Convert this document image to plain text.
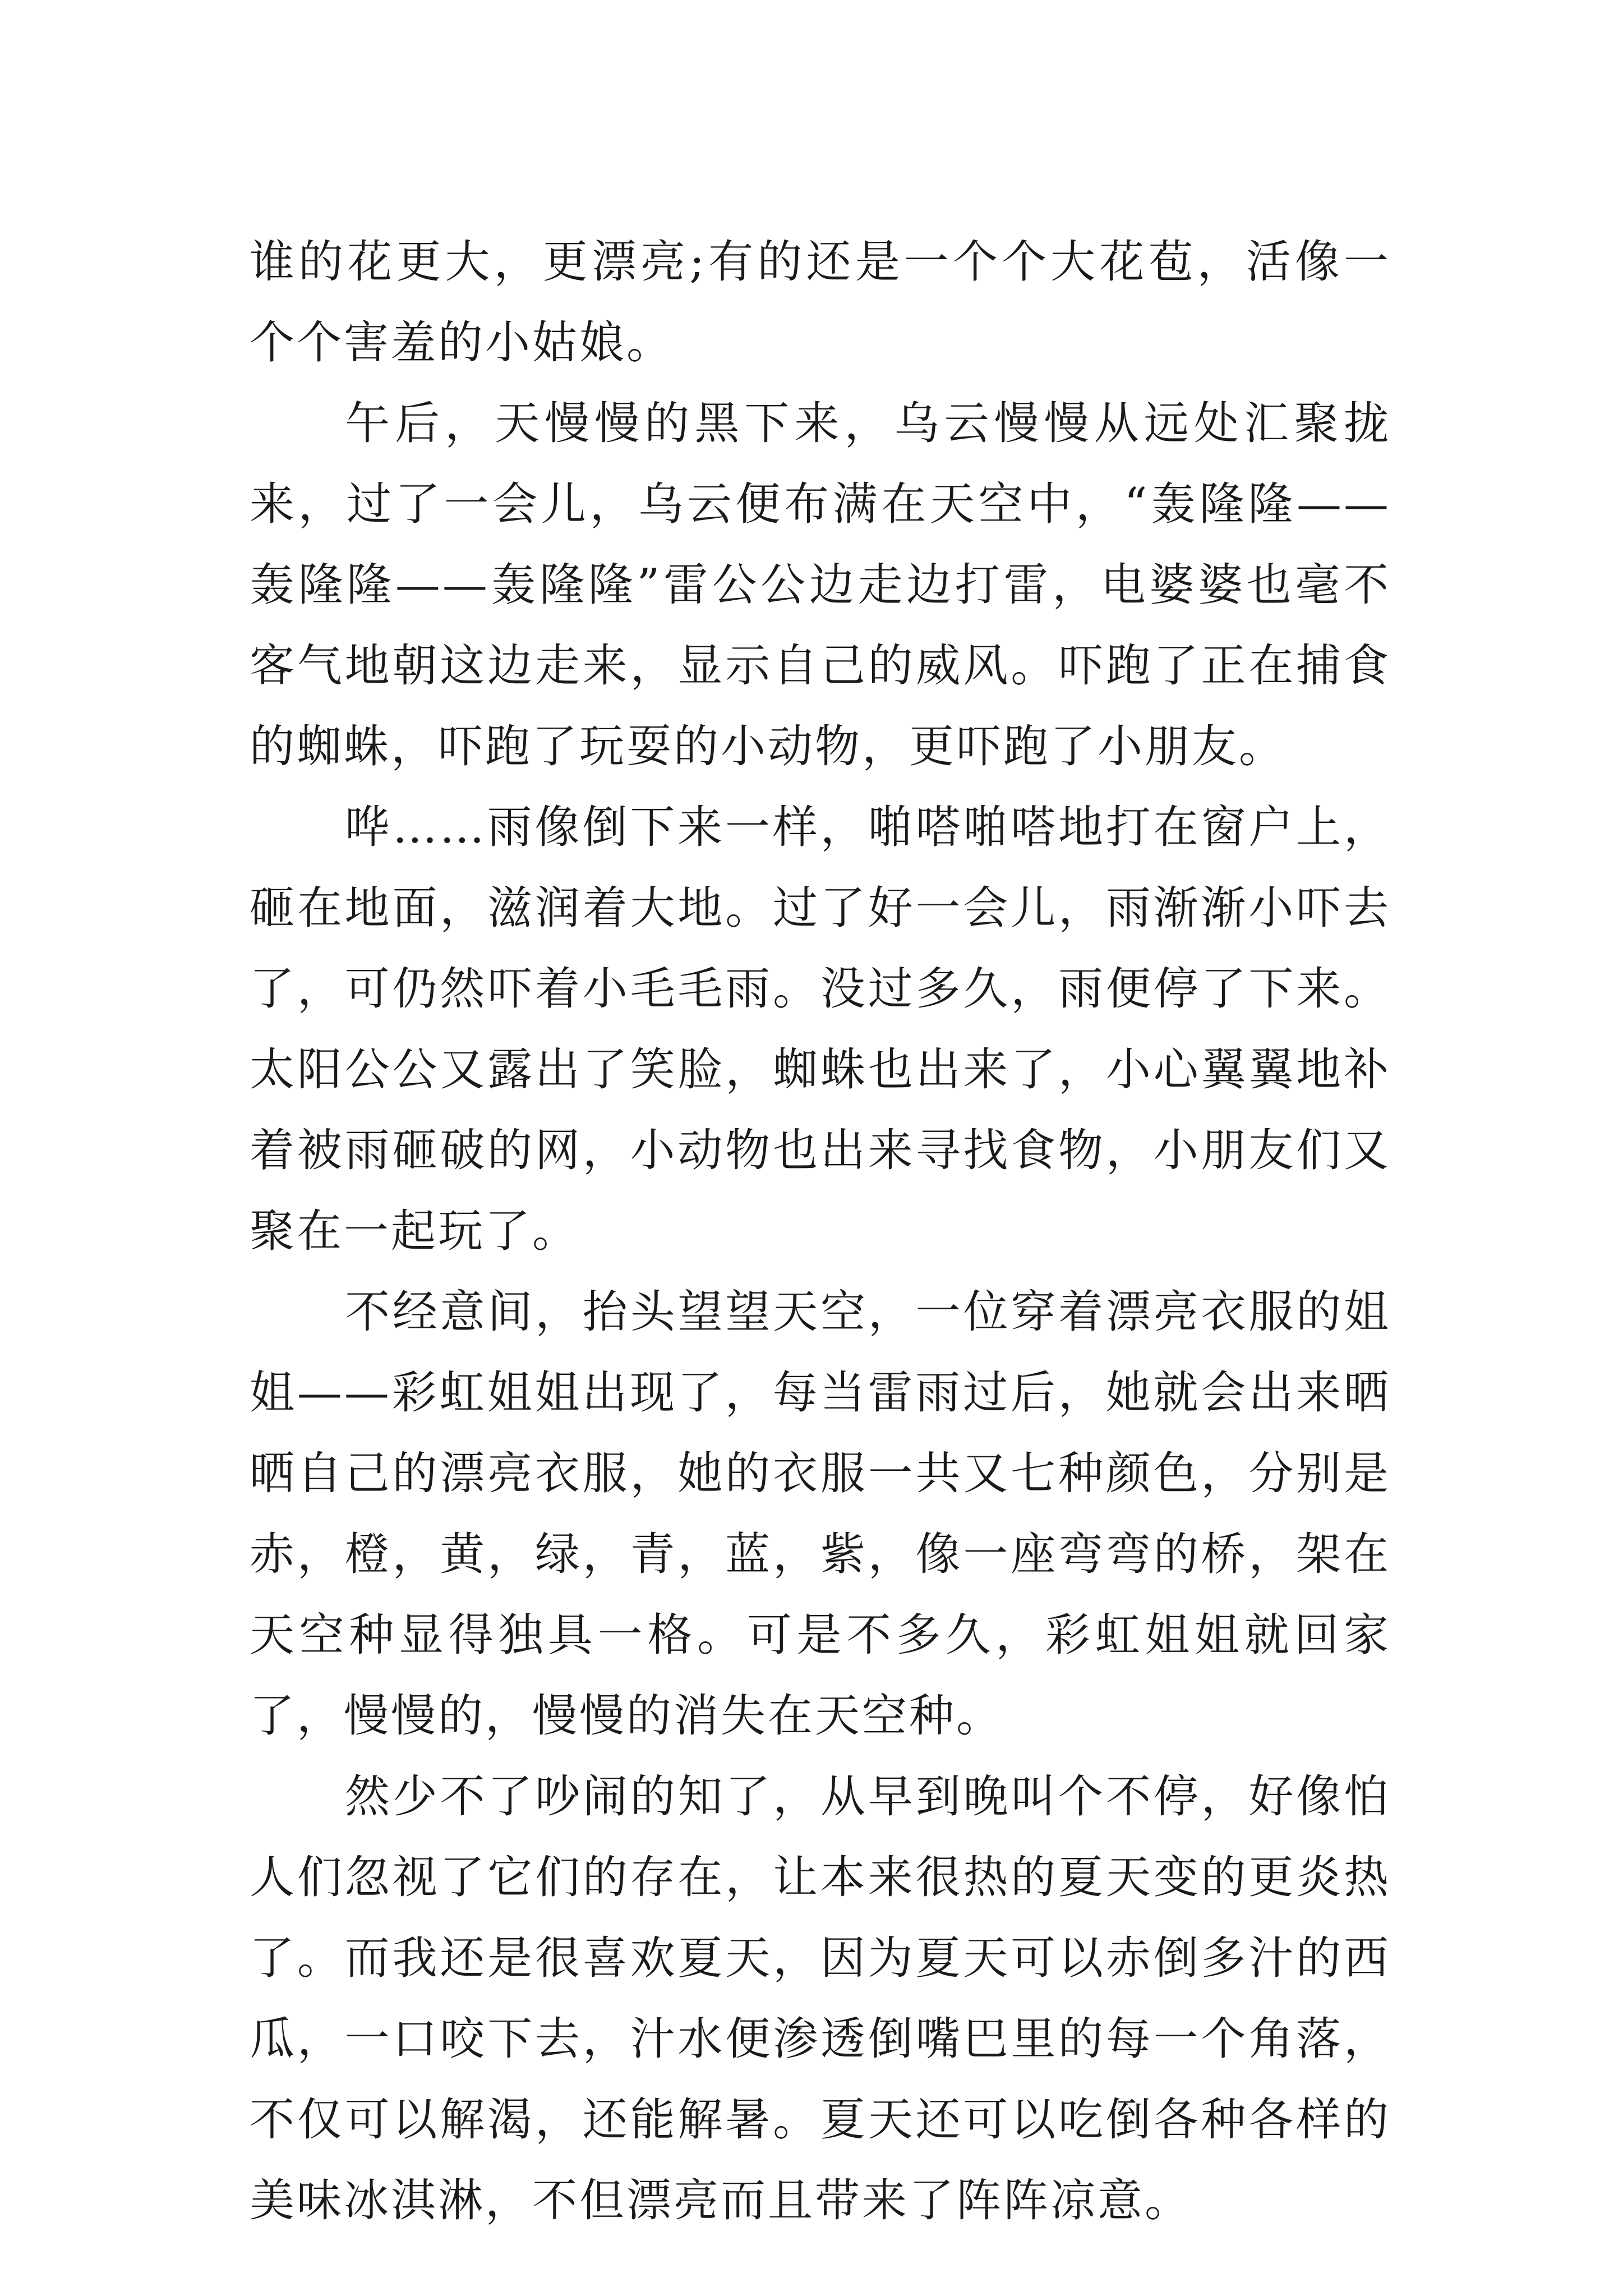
谁的花更大，更漂亮;有的还是一个个大花苞，活像一个个害羞的小姑娘。

午后，天慢慢的黑下来，乌云慢慢从远处汇聚拢来，过了一会儿，乌云便布满在天空中，“轰隆隆——轰隆隆——轰隆隆”雷公公边走边打雷，电婆婆也毫不客气地朝这边走来，显示自己的威风。吓跑了正在捕食的蜘蛛，吓跑了玩耍的小动物，更吓跑了小朋友。

哗……雨像倒下来一样，啪嗒啪嗒地打在窗户上，砸在地面，滋润着大地。过了好一会儿，雨渐渐小吓去了，可仍然吓着小毛毛雨。没过多久，雨便停了下来。太阳公公又露出了笑脸，蜘蛛也出来了，小心翼翼地补着被雨砸破的网，小动物也出来寻找食物，小朋友们又聚在一起玩了。

不经意间，抬头望望天空，一位穿着漂亮衣服的姐姐——彩虹姐姐出现了，每当雷雨过后，她就会出来晒晒自己的漂亮衣服，她的衣服一共又七种颜色，分别是赤，橙，黄，绿，青，蓝，紫，像一座弯弯的桥，架在天空种显得独具一格。可是不多久，彩虹姐姐就回家了，慢慢的，慢慢的消失在天空种。

然少不了吵闹的知了，从早到晚叫个不停，好像怕人们忽视了它们的存在，让本来很热的夏天变的更炎热了。而我还是很喜欢夏天，因为夏天可以赤倒多汁的西瓜，一口咬下去，汁水便渗透倒嘴巴里的每一个角落，不仅可以解渴，还能解暑。夏天还可以吃倒各种各样的美味冰淇淋，不但漂亮而且带来了阵阵凉意。
